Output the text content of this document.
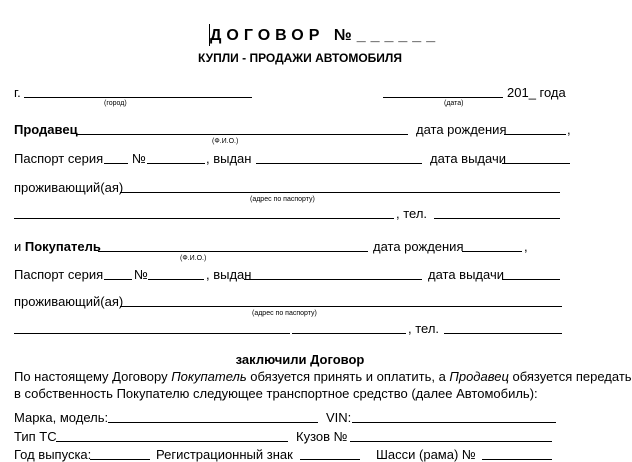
ДОГОВОР №______
КУПЛИ - ПРОДАЖИ АВТОМОБИЛЯ
г.
(город)
201_ года
(дата)
Продавец
(Ф.И.О.)
дата рождения	,
Паспорт серия №	, выдан	дата выдачи
проживающий(ая)
(адрес по паспорту)
, тел.
и Покупатель
(Ф.И.О.)
дата рождения	,
Паспорт серия №	, выдан	дата выдачи
проживающий(ая)
(адрес по паспорту)
, тел.
заключили Договор
По настоящему Договору Покупатель обязуется принять и оплатить, а Продавец обязуется передать
в собственность Покупателю следующее транспортное средство (далее Автомобиль):
Марка, модель:	VIN:
Тип ТС	Кузов №
Год выпуска:	Регистрационный знак	Шасси (рама) №
